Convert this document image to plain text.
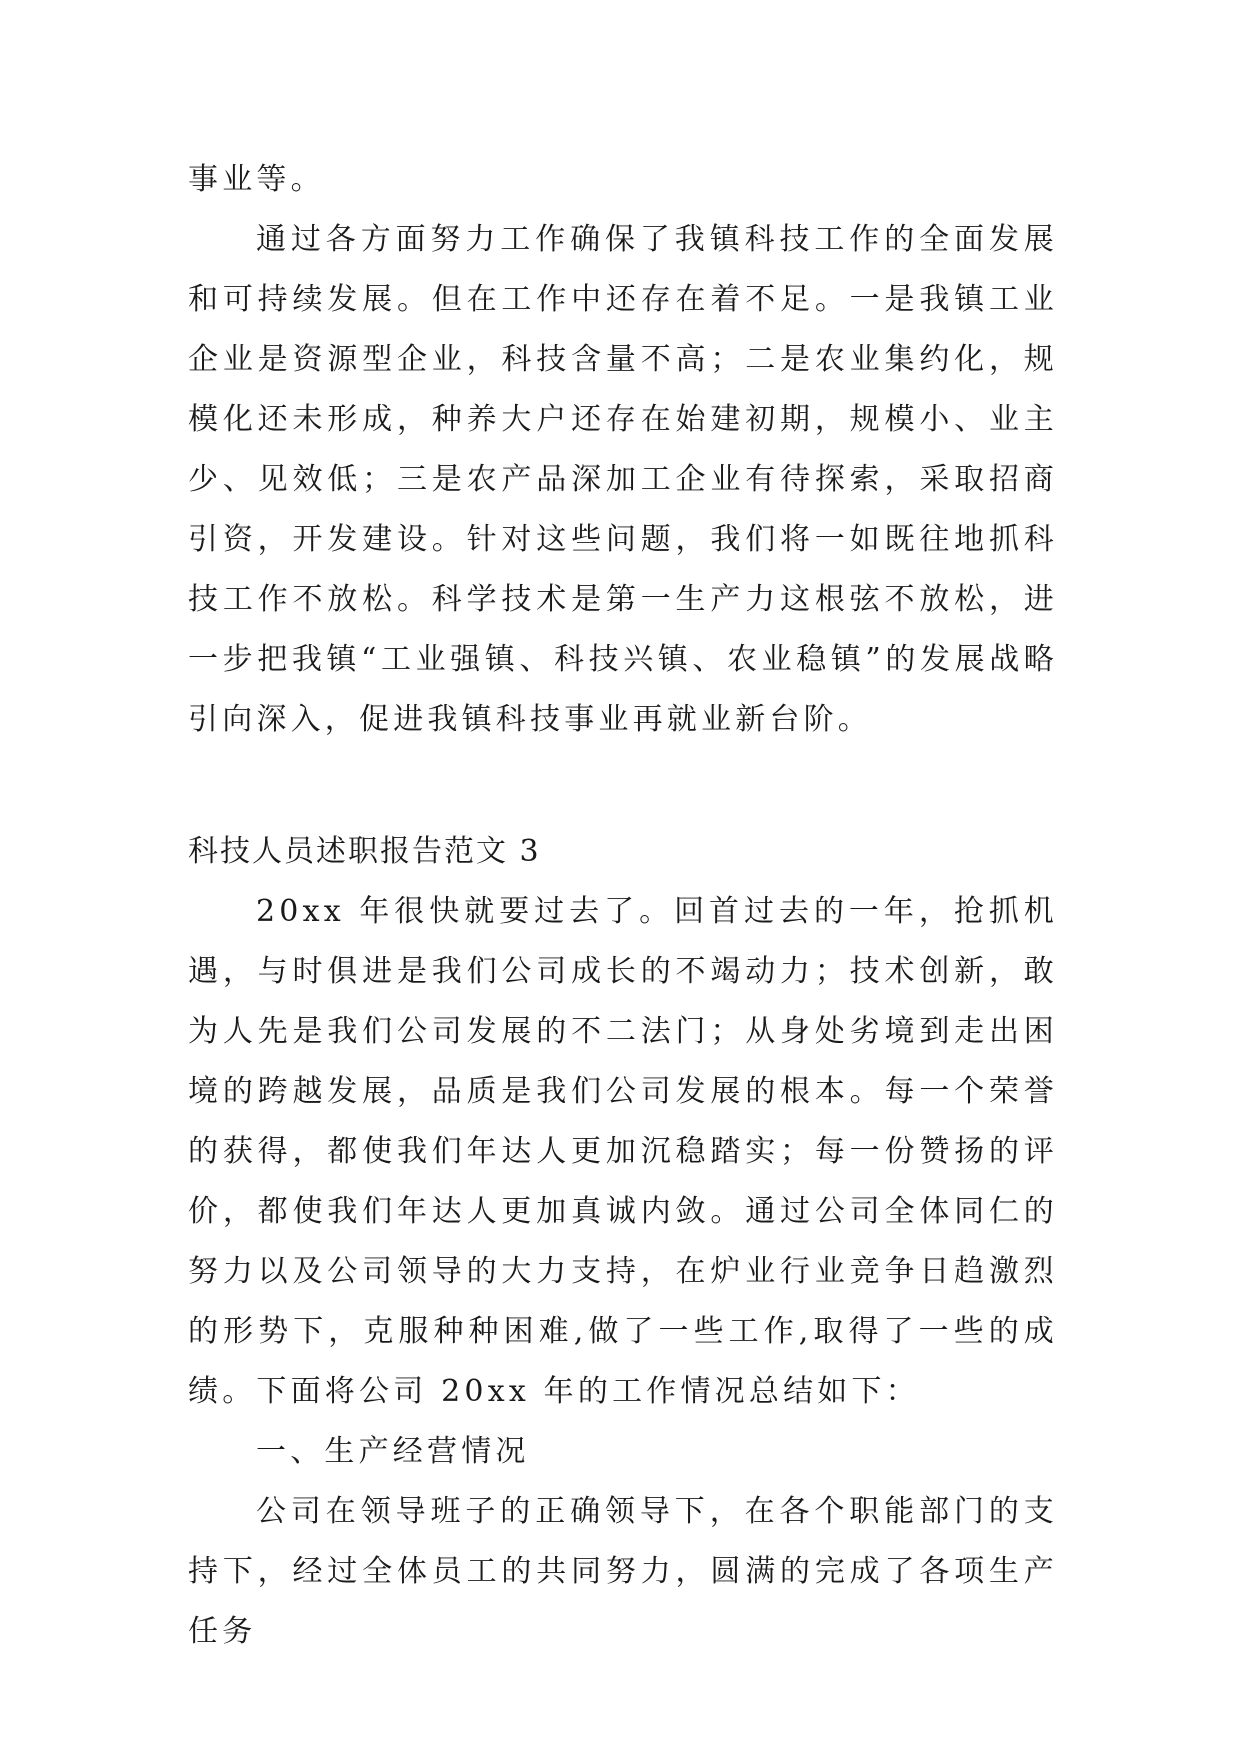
事业等。

通过各方面努力工作确保了我镇科技工作的全面发展和可持续发展。但在工作中还存在着不足。一是我镇工业企业是资源型企业，科技含量不高；二是农业集约化，规模化还未形成，种养大户还存在始建初期，规模小、业主少、见效低；三是农产品深加工企业有待探索，采取招商引资，开发建设。针对这些问题，我们将一如既往地抓科技工作不放松。科学技术是第一生产力这根弦不放松，进一步把我镇“工业强镇、科技兴镇、农业稳镇”的发展战略引向深入，促进我镇科技事业再就业新台阶。

科技人员述职报告范文 3

20xx 年很快就要过去了。回首过去的一年，抢抓机遇，与时俱进是我们公司成长的不竭动力；技术创新，敢为人先是我们公司发展的不二法门；从身处劣境到走出困境的跨越发展，品质是我们公司发展的根本。每一个荣誉的获得，都使我们年达人更加沉稳踏实；每一份赞扬的评价，都使我们年达人更加真诚内敛。通过公司全体同仁的努力以及公司领导的大力支持，在炉业行业竞争日趋激烈的形势下，克服种种困难,做了一些工作,取得了一些的成绩。下面将公司 20xx 年的工作情况总结如下：

一、生产经营情况

公司在领导班子的正确领导下，在各个职能部门的支持下，经过全体员工的共同努力，圆满的完成了各项生产任务
